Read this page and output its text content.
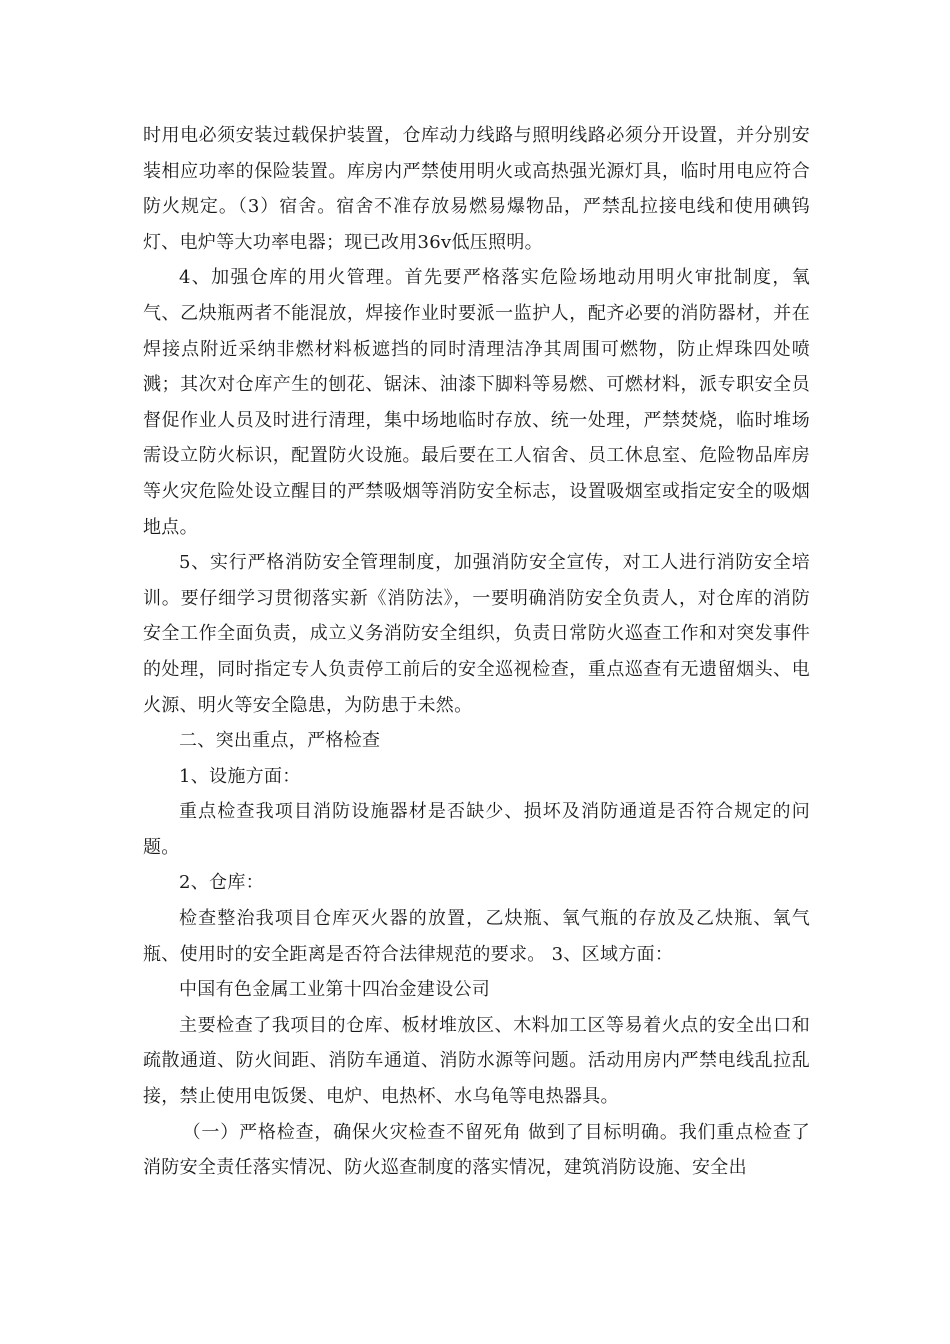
时用电必须安装过载保护装置，仓库动力线路与照明线路必须分开设置，并分别安装相应功率的保险装置。库房内严禁使用明火或高热强光源灯具，临时用电应符合防火规定。（3）宿舍。宿舍不准存放易燃易爆物品，严禁乱拉接电线和使用碘钨灯、电炉等大功率电器；现已改用36v低压照明。

4、加强仓库的用火管理。首先要严格落实危险场地动用明火审批制度，氧气、乙炔瓶两者不能混放，焊接作业时要派一监护人，配齐必要的消防器材，并在焊接点附近采纳非燃材料板遮挡的同时清理洁净其周围可燃物，防止焊珠四处喷溅；其次对仓库产生的刨花、锯沫、油漆下脚料等易燃、可燃材料，派专职安全员督促作业人员及时进行清理，集中场地临时存放、统一处理，严禁焚烧，临时堆场需设立防火标识，配置防火设施。最后要在工人宿舍、员工休息室、危险物品库房等火灾危险处设立醒目的严禁吸烟等消防安全标志，设置吸烟室或指定安全的吸烟地点。

5、实行严格消防安全管理制度，加强消防安全宣传，对工人进行消防安全培训。要仔细学习贯彻落实新《消防法》，一要明确消防安全负责人，对仓库的消防安全工作全面负责，成立义务消防安全组织，负责日常防火巡查工作和对突发事件的处理，同时指定专人负责停工前后的安全巡视检查，重点巡查有无遗留烟头、电火源、明火等安全隐患，为防患于未然。

二、突出重点，严格检查

1、设施方面：

重点检查我项目消防设施器材是否缺少、损坏及消防通道是否符合规定的问题。

2、仓库：

检查整治我项目仓库灭火器的放置，乙炔瓶、氧气瓶的存放及乙炔瓶、氧气瓶、使用时的安全距离是否符合法律规范的要求。 3、区域方面：

中国有色金属工业第十四冶金建设公司

主要检查了我项目的仓库、板材堆放区、木料加工区等易着火点的安全出口和疏散通道、防火间距、消防车通道、消防水源等问题。活动用房内严禁电线乱拉乱接，禁止使用电饭煲、电炉、电热杯、水乌龟等电热器具。

（一）严格检查，确保火灾检查不留死角 做到了目标明确。我们重点检查了消防安全责任落实情况、防火巡查制度的落实情况，建筑消防设施、安全出
